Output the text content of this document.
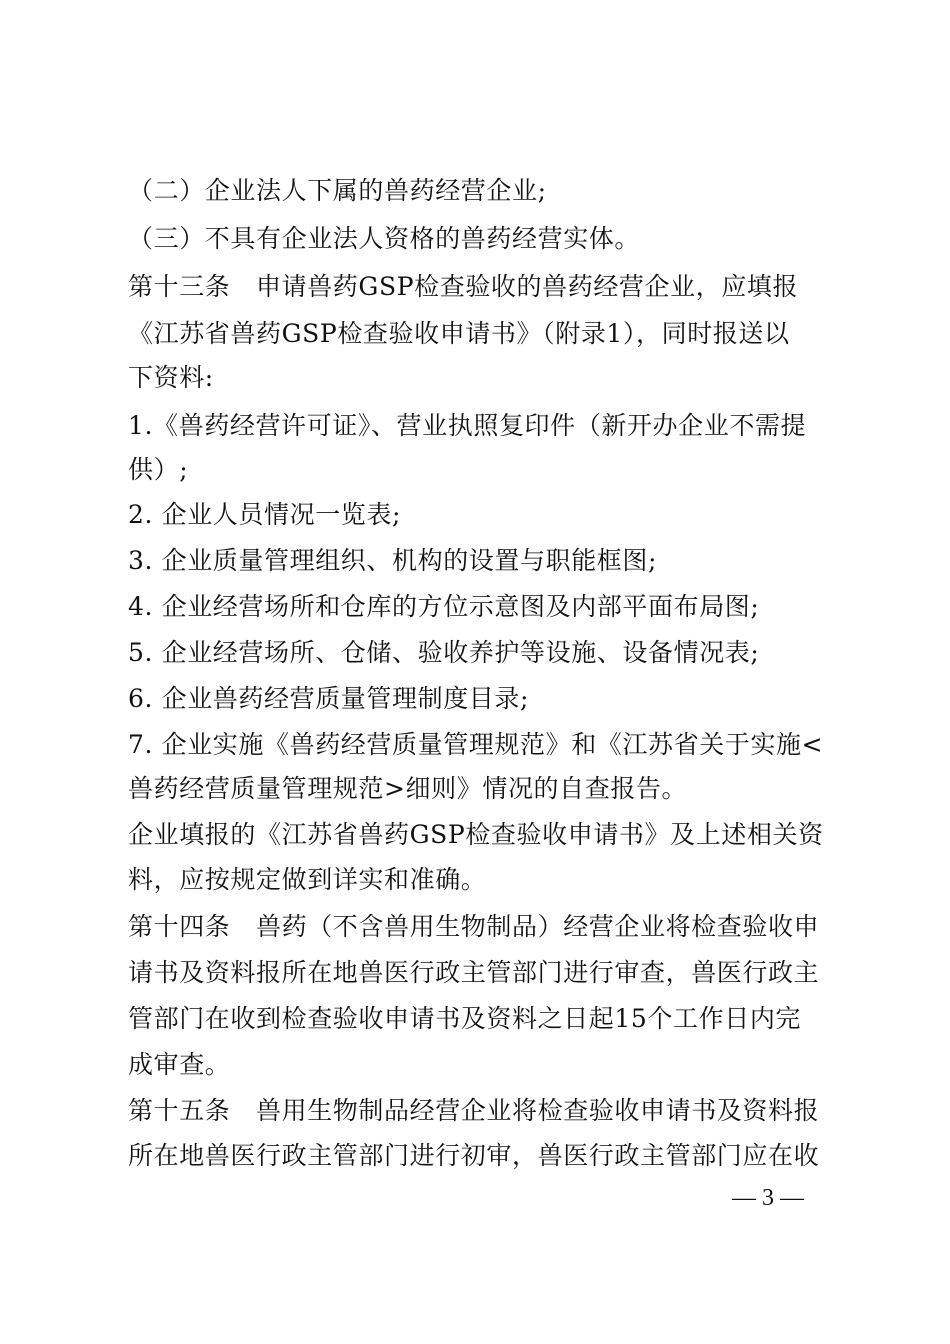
（二）企业法人下属的兽药经营企业;
（三）不具有企业法人资格的兽药经营实体。
第十三条　申请兽药GSP检查验收的兽药经营企业，应填报
《江苏省兽药GSP检查验收申请书》（附录1），同时报送以
下资料:
1.《兽药经营许可证》、营业执照复印件（新开办企业不需提
供）;
2. 企业人员情况一览表;
3. 企业质量管理组织、机构的设置与职能框图;
4. 企业经营场所和仓库的方位示意图及内部平面布局图;
5. 企业经营场所、仓储、验收养护等设施、设备情况表;
6. 企业兽药经营质量管理制度目录;
7. 企业实施《兽药经营质量管理规范》和《江苏省关于实施<
兽药经营质量管理规范>细则》情况的自查报告。
企业填报的《江苏省兽药GSP检查验收申请书》及上述相关资
料，应按规定做到详实和准确。
第十四条　兽药（不含兽用生物制品）经营企业将检查验收申
请书及资料报所在地兽医行政主管部门进行审查，兽医行政主
管部门在收到检查验收申请书及资料之日起15个工作日内完
成审查。
第十五条　兽用生物制品经营企业将检查验收申请书及资料报
所在地兽医行政主管部门进行初审，兽医行政主管部门应在收
— 3 —
